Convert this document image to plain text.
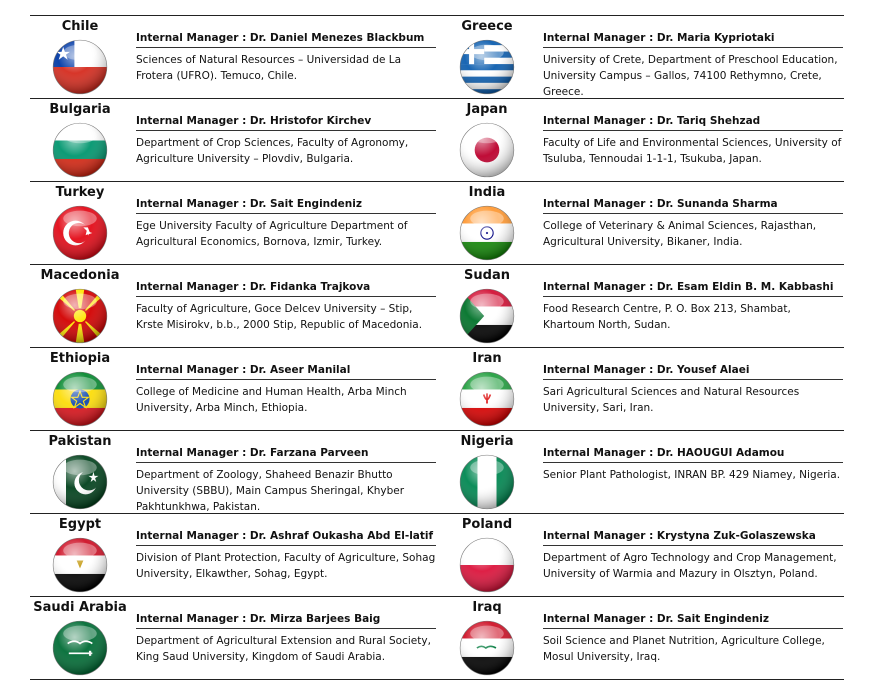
Chile
Internal Manager : Dr. Daniel Menezes Blackbum
Sciences of Natural Resources – Universidad de La Frotera (UFRO). Temuco, Chile.
Greece
Internal Manager : Dr. Maria Kypriotaki
University of Crete, Department of Preschool Education, University Campus – Gallos, 74100 Rethymno, Crete, Greece.
Bulgaria
Internal Manager : Dr. Hristofor Kirchev
Department of Crop Sciences, Faculty of Agronomy, Agriculture University – Plovdiv, Bulgaria.
Japan
Internal Manager : Dr. Tariq Shehzad
Faculty of Life and Environmental Sciences, University of Tsuluba, Tennoudai 1-1-1, Tsukuba, Japan.
Turkey
Internal Manager : Dr. Sait Engindeniz
Ege University Faculty of Agriculture Department of Agricultural Economics, Bornova, Izmir, Turkey.
India
Internal Manager : Dr. Sunanda Sharma
College of Veterinary & Animal Sciences, Rajasthan, Agricultural University, Bikaner, India.
Macedonia
Internal Manager : Dr. Fidanka Trajkova
Faculty of Agriculture, Goce Delcev University – Stip, Krste Misirokv, b.b., 2000 Stip, Republic of Macedonia.
Sudan
Internal Manager : Dr. Esam Eldin B. M. Kabbashi
Food Research Centre, P. O. Box 213, Shambat, Khartoum North, Sudan.
Ethiopia
Internal Manager : Dr. Aseer Manilal
College of Medicine and Human Health, Arba Minch University, Arba Minch, Ethiopia.
Iran
Internal Manager : Dr. Yousef Alaei
Sari Agricultural Sciences and Natural Resources University, Sari, Iran.
Pakistan
Internal Manager : Dr. Farzana Parveen
Department of Zoology, Shaheed Benazir Bhutto University (SBBU), Main Campus Sheringal, Khyber Pakhtunkhwa, Pakistan.
Nigeria
Internal Manager : Dr. HAOUGUI Adamou
Senior Plant Pathologist, INRAN BP. 429 Niamey, Nigeria.
Egypt
Internal Manager : Dr. Ashraf Oukasha Abd El-latif
Division of Plant Protection, Faculty of Agriculture, Sohag University, Elkawther, Sohag, Egypt.
Poland
Internal Manager : Krystyna Zuk-Golaszewska
Department of Agro Technology and Crop Management, University of Warmia and Mazury in Olsztyn, Poland.
Saudi Arabia
Internal Manager : Dr. Mirza Barjees Baig
Department of Agricultural Extension and Rural Society, King Saud University, Kingdom of Saudi Arabia.
Iraq
Internal Manager : Dr. Sait Engindeniz
Soil Science and Planet Nutrition, Agriculture College, Mosul University, Iraq.
